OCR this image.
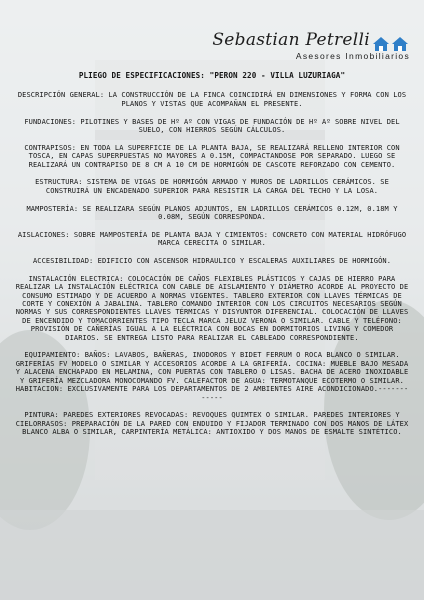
Sebastian Petrelli
Asesores Inmobiliarios
PLIEGO DE ESPECIFICACIONES: "PERON 220 - VILLA LUZURIAGA"

DESCRIPCIÓN GENERAL: LA CONSTRUCCIÓN DE LA FINCA COINCIDIRÁ EN DIMENSIONES Y FORMA CON LOS PLANOS Y VISTAS QUE ACOMPAÑAN EL PRESENTE.

FUNDACIONES: PILOTINES Y BASES DE Hº Aº CON VIGAS DE FUNDACIÓN DE Hº Aº SOBRE NIVEL DEL SUELO, CON HIERROS SEGÚN CÁLCULOS.

CONTRAPISOS: EN TODA LA SUPERFICIE DE LA PLANTA BAJA, SE REALIZARÁ RELLENO INTERIOR CON TOSCA, EN CAPAS SUPERPUESTAS NO MAYORES A 0.15M, COMPACTANDOSE POR SEPARADO. LUEGO SE REALIZARÁ UN CONTRAPISO DE 8 CM A 10 CM DE HORMIGÓN DE CASCOTE REFORZADO CON CEMENTO.

ESTRUCTURA: SISTEMA DE VIGAS DE HORMIGÓN ARMADO Y MUROS DE LADRILLOS CERÁMICOS. SE CONSTRUIRÁ UN ENCADENADO SUPERIOR PARA RESISTIR LA CARGA DEL TECHO Y LA LOSA.

MAMPOSTERÍA: SE REALIZARA SEGÚN PLANOS ADJUNTOS, EN LADRILLOS CERÁMICOS 0.12M, 0.18M Y 0.08M, SEGÚN CORRESPONDA.

AISLACIONES: SOBRE MAMPOSTERÍA DE PLANTA BAJA Y CIMIENTOS: CONCRETO CON MATERIAL HIDRÓFUGO MARCA CERECITA O SIMILAR.

ACCESIBILIDAD: EDIFICIO CON ASCENSOR HIDRAULICO Y ESCALERAS AUXILIARES DE HORMIGÓN.

INSTALACIÓN ELECTRICA: COLOCACIÓN DE CAÑOS FLEXIBLES PLÁSTICOS Y CAJAS DE HIERRO PARA REALIZAR LA INSTALACIÓN ELÉCTRICA CON CABLE DE AISLAMIENTO Y DIÁMETRO ACORDE AL PROYECTO DE CONSUMO ESTIMADO Y DE ACUERDO A NORMAS VIGENTES. TABLERO EXTERIOR CON LLAVES TÉRMICAS DE CORTE Y CONEXIÓN A JABALINA. TABLERO COMANDO INTERIOR CON LOS CIRCUITOS NECESARIOS SEGÚN NORMAS Y SUS CORRESPONDIENTES LLAVES TÉRMICAS Y DISYUNTOR DIFERENCIAL. COLOCACIÓN DE LLAVES DE ENCENDIDO Y TOMACORRIENTES TIPO TECLA MARCA JELUZ VERONA O SIMILAR. CABLE Y TELÉFONO: PROVISIÓN DE CAÑERÍAS IGUAL A LA ELÉCTRICA CON BOCAS EN DORMITORIOS LIVING Y COMEDOR DIARIOS. SE ENTREGA LISTO PARA REALIZAR EL CABLEADO CORRESPONDIENTE.

EQUIPAMIENTO: BAÑOS: LAVABOS, BAÑERAS, INODOROS Y BIDET FERRUM O ROCA BLANCO O SIMILAR. GRIFERÍAS FV MODELO O SIMILAR Y ACCESORIOS ACORDE A LA GRIFERÍA. COCINA: MUEBLE BAJO MESADA Y ALACENA ENCHAPADO EN MELAMINA, CON PUERTAS CON TABLERO O LISAS. BACHA DE ACERO INOXIDABLE Y GRIFERÍA MEZCLADORA MONOCOMANDO FV. CALEFACTOR DE AGUA: TERMOTANQUE ECOTERMO O SIMILAR. HABITACION: EXCLUSIVAMENTE PARA LOS DEPARTAMENTOS DE 2 AMBIENTES AIRE ACONDICIONADO.------------

PINTURA: PAREDES EXTERIORES REVOCADAS: REVOQUES QUIMTEX O SIMILAR. PAREDES INTERIORES Y CIELORRASOS: PREPARACIÓN DE LA PARED CON ENDUIDO Y FIJADOR TERMINADO CON DOS MANOS DE LÁTEX BLANCO ALBA O SIMILAR, CARPINTERÍA METÁLICA: ANTIOXIDO Y DOS MANOS DE ESMALTE SINTÉTICO.
